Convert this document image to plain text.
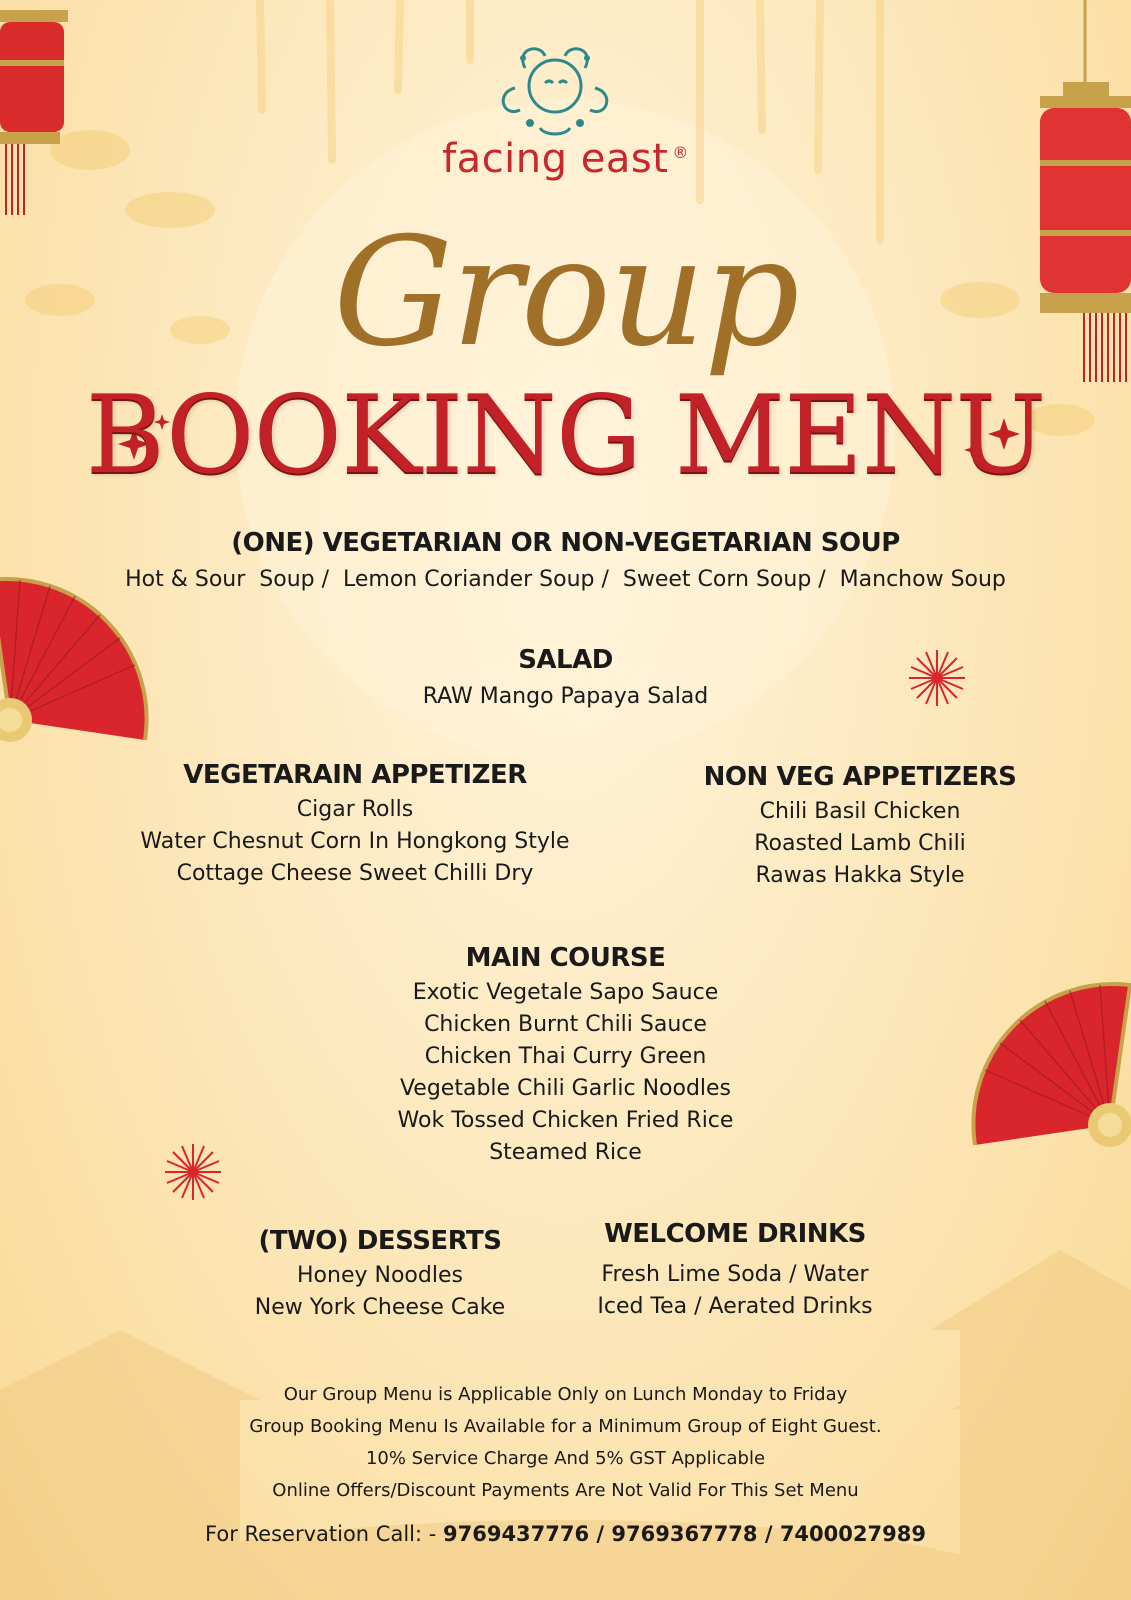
facing east ®
Group
BOOKING MENU

(ONE) VEGETARIAN OR NON-VEGETARIAN SOUP

Hot & Sour  Soup /  Lemon Coriander Soup /  Sweet Corn Soup /  Manchow Soup

SALAD

RAW Mango Papaya Salad

VEGETARAIN APPETIZER

Cigar Rolls

Water Chesnut Corn In Hongkong Style

Cottage Cheese Sweet Chilli Dry

NON VEG APPETIZERS

Chili Basil Chicken

Roasted Lamb Chili

Rawas Hakka Style

MAIN COURSE

Exotic Vegetale Sapo Sauce

Chicken Burnt Chili Sauce

Chicken Thai Curry Green

Vegetable Chili Garlic Noodles

Wok Tossed Chicken Fried Rice

Steamed Rice

(TWO) DESSERTS

Honey Noodles

New York Cheese Cake

WELCOME DRINKS

Fresh Lime Soda / Water

Iced Tea / Aerated Drinks

Our Group Menu is Applicable Only on Lunch Monday to Friday

Group Booking Menu Is Available for a Minimum Group of Eight Guest.

10% Service Charge And 5% GST Applicable

Online Offers/Discount Payments Are Not Valid For This Set Menu

For Reservation Call: - 9769437776 / 9769367778 / 7400027989
